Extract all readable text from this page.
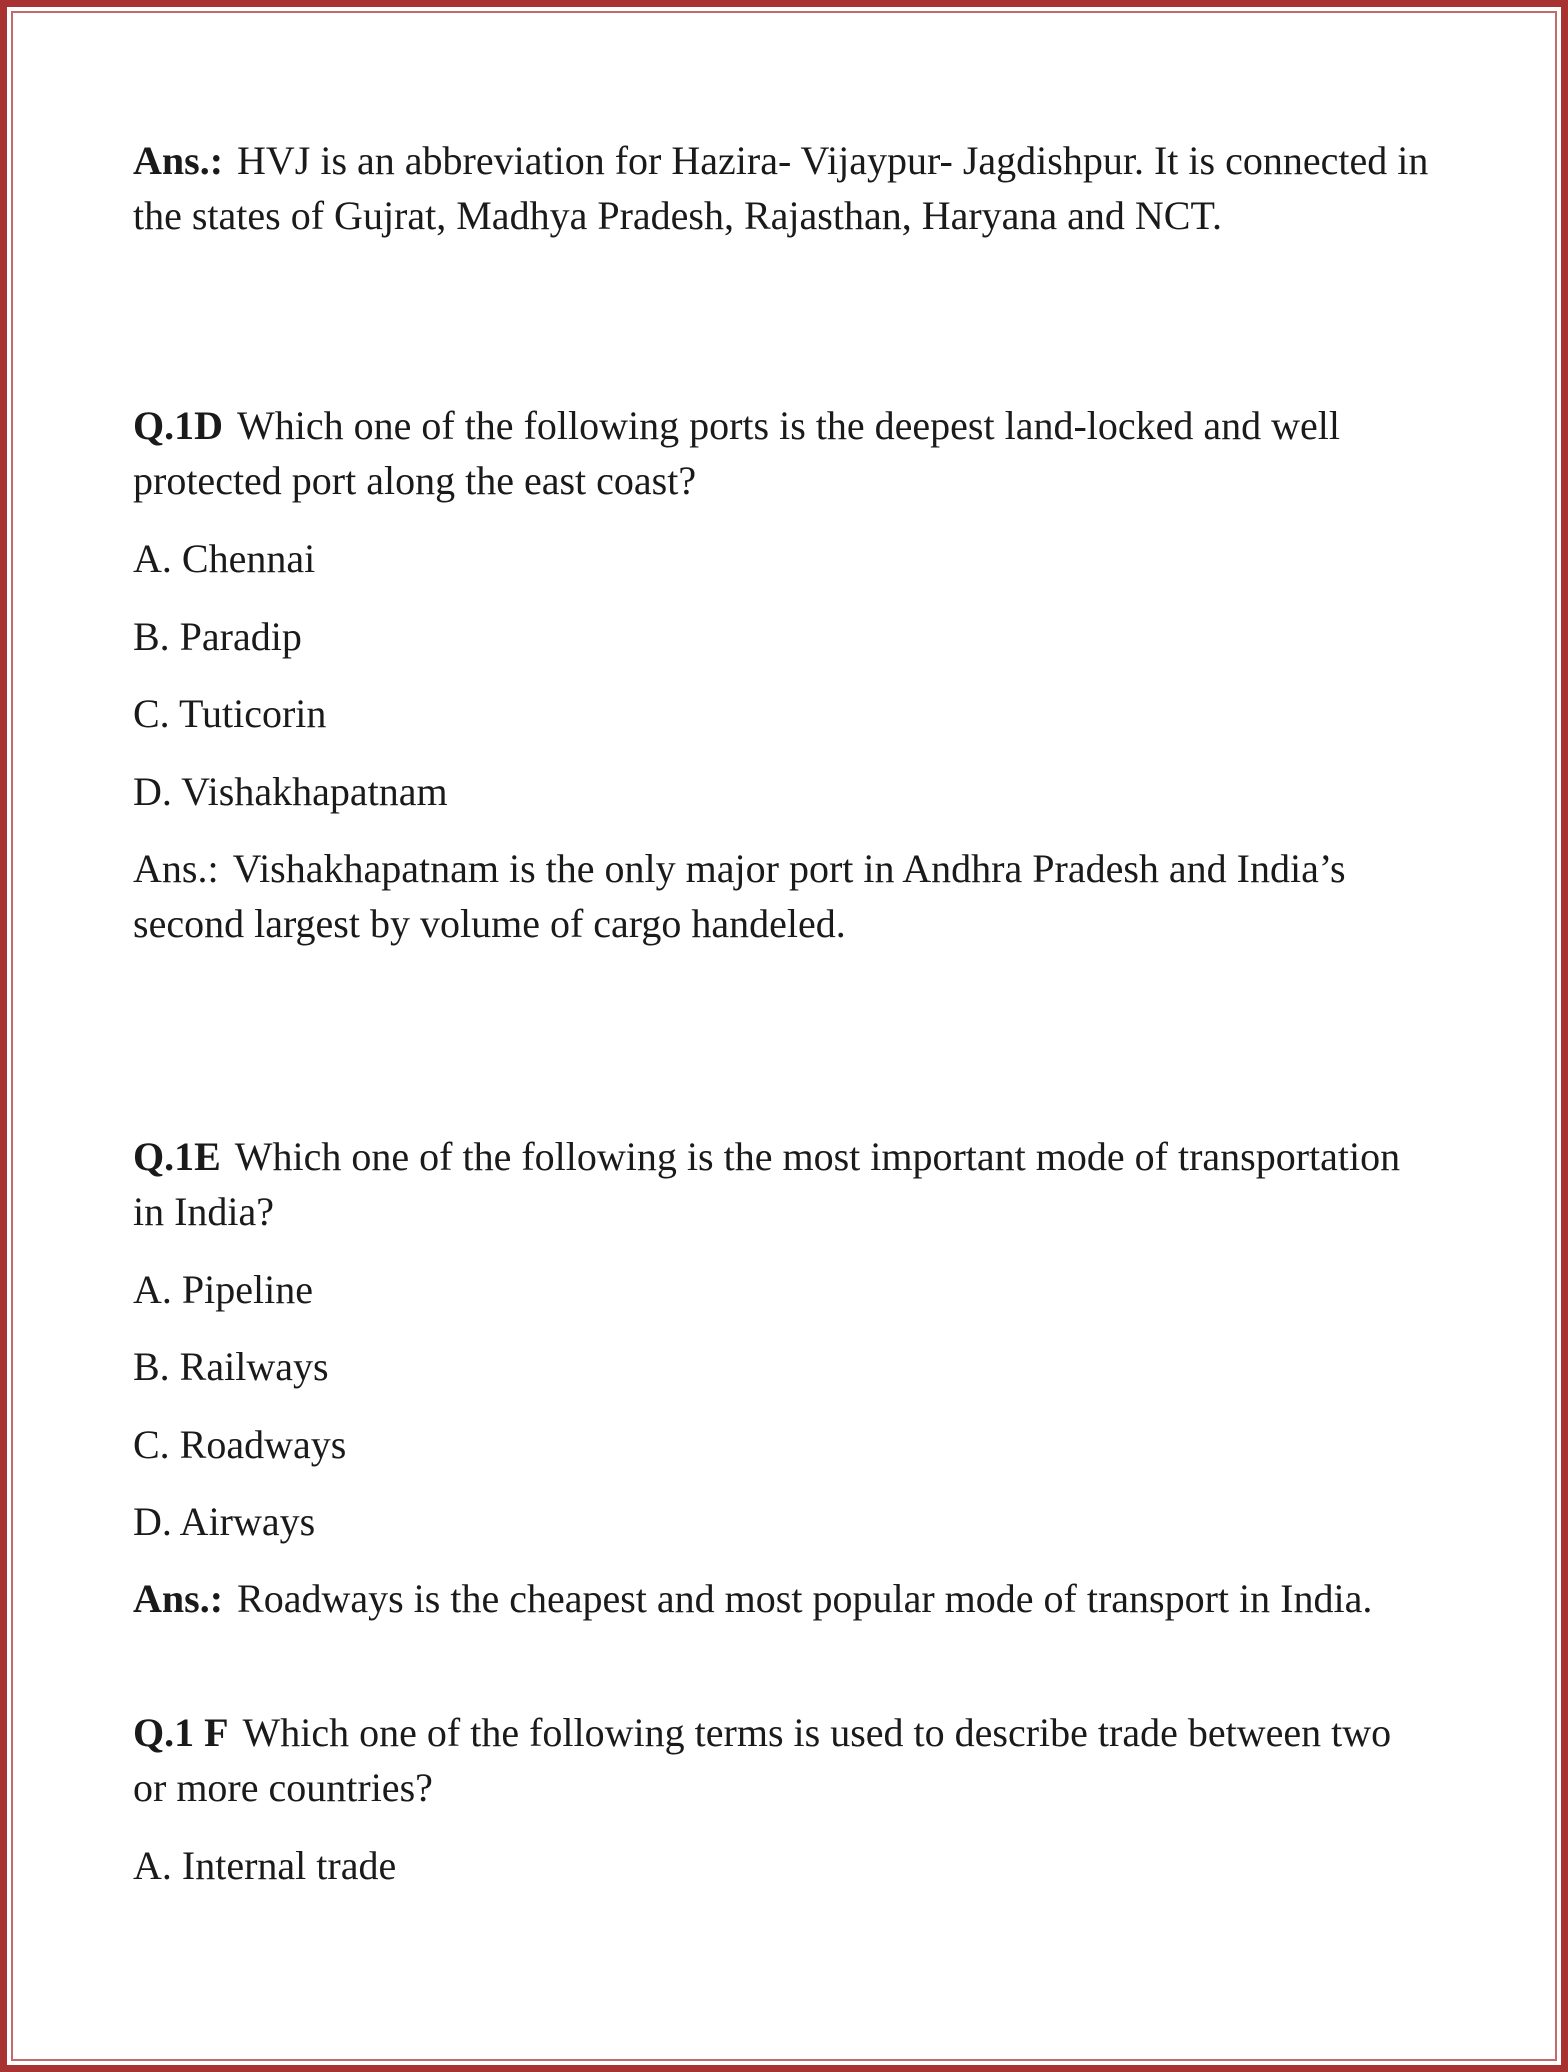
Ans.: HVJ is an abbreviation for Hazira- Vijaypur- Jagdishpur. It is connected in the states of Gujrat, Madhya Pradesh, Rajasthan, Haryana and NCT.

Q.1D Which one of the following ports is the deepest land-locked and well protected port along the east coast?

A. Chennai
B. Paradip
C. Tuticorin
D. Vishakhapatnam

Ans.: Vishakhapatnam is the only major port in Andhra Pradesh and India’s second largest by volume of cargo handeled.

Q.1E Which one of the following is the most important mode of transportation in India?

A. Pipeline
B. Railways
C. Roadways
D. Airways

Ans.: Roadways is the cheapest and most popular mode of transport in India.

Q.1 F Which one of the following terms is used to describe trade between two or more countries?

A. Internal trade
